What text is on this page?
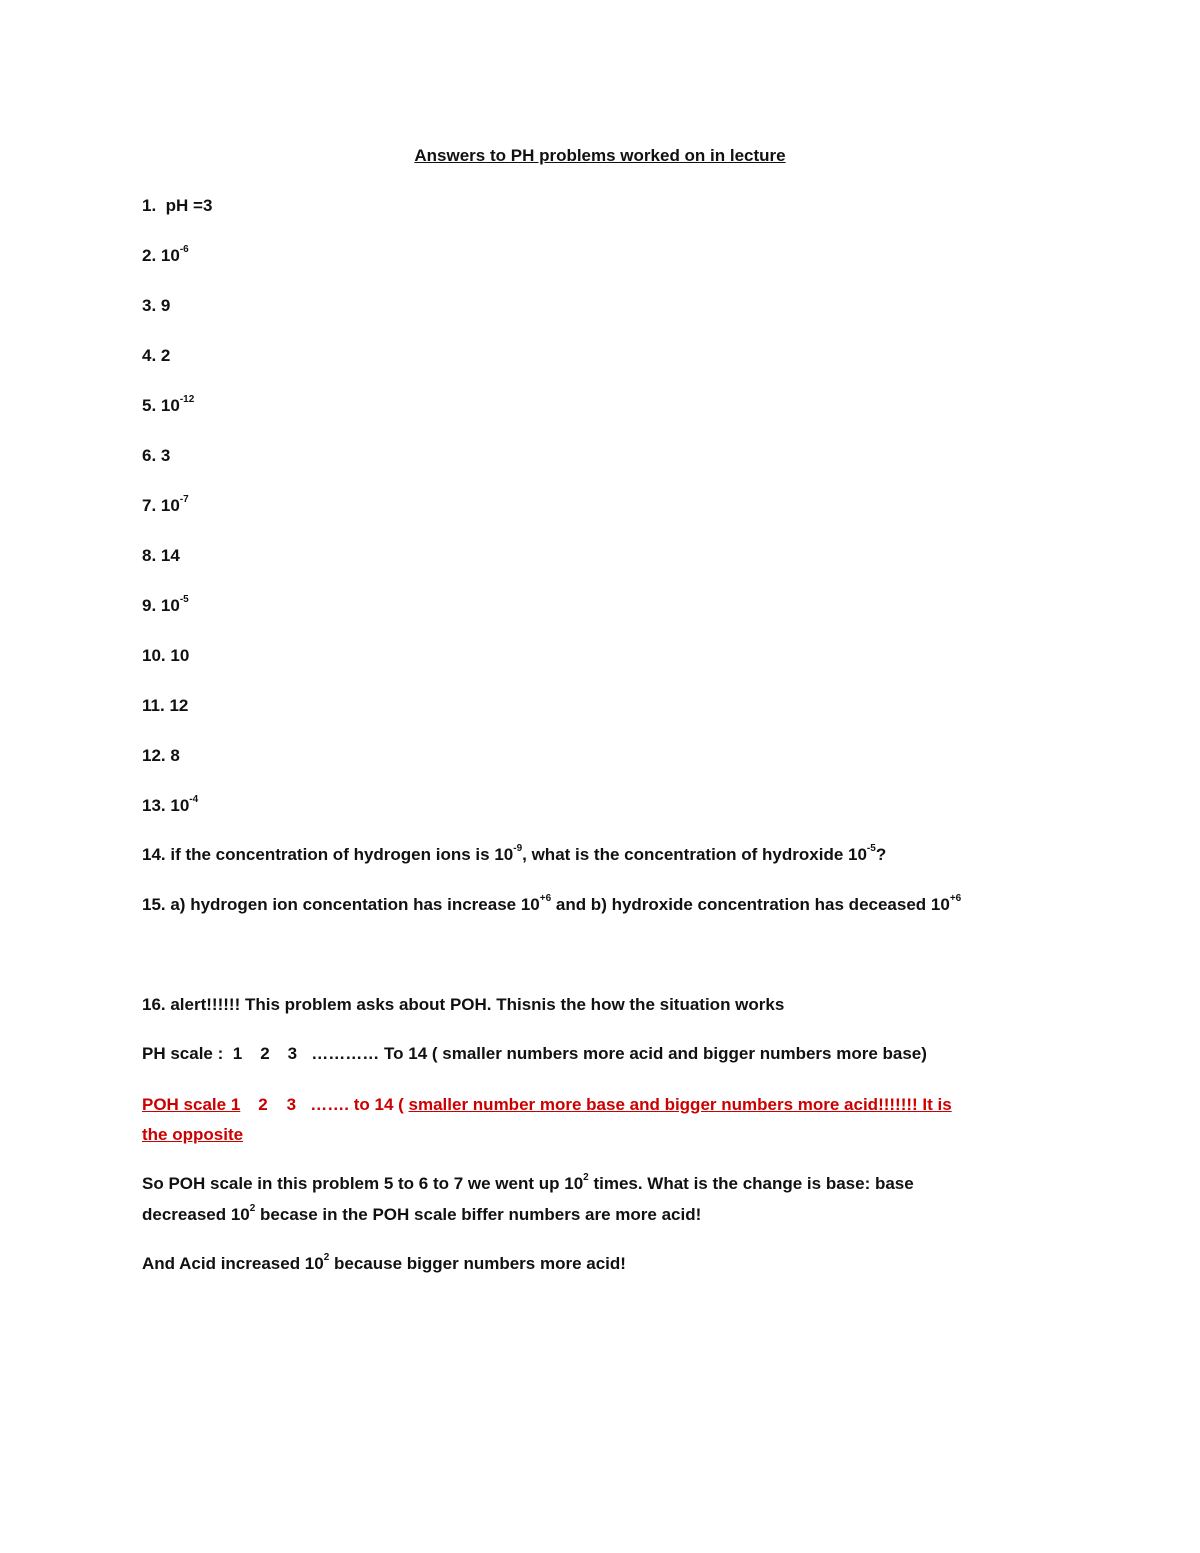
Answers to PH problems worked on in lecture
1. pH =3
2. $10^{-6}$
3. 9
4. 2
5. $10^{-12}$
6. 3
7. $10^{-7}$
8. 14
9. $10^{-5}$
10. 10
11. 12
12. 8
13. $10^{-4}$
14. if the concentration of hydrogen ions is $10^{-9}$, what is the concentration of hydroxide $10^{-5}$?
15. a) hydrogen ion concentation has increase $10^{+6}$ and b) hydroxide concentration has deceased $10^{+6}$
16. alert!!!!!! This problem asks about POH. Thisnis the how the situation works
PH scale : 1 2 3 ………… To 14 ( smaller numbers more acid and bigger numbers more base)
POH scale 1 2 3 ……. to 14 ( smaller number more base and bigger numbers more acid!!!!!!! It is
the opposite
So POH scale in this problem 5 to 6 to 7 we went up $10^2$ times. What is the change is base: base
decreased $10^2$ becase in the POH scale biffer numbers are more acid!
And Acid increased $10^2$ because bigger numbers more acid!
